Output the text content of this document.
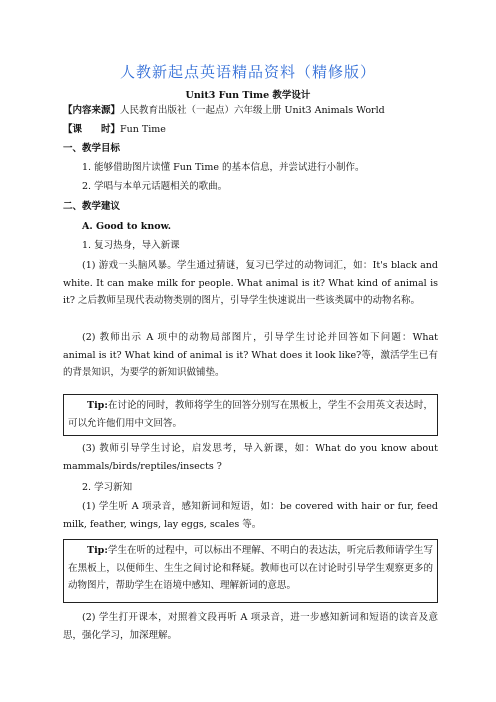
人教新起点英语精品资料（精修版）
Unit3 Fun Time 教学设计
【内容来源】人民教育出版社（一起点）六年级上册 Unit3 Animals World
【课　　时】Fun Time
一、教学目标
1. 能够借助图片读懂 Fun Time 的基本信息，并尝试进行小制作。
2. 学唱与本单元话题相关的歌曲。
二、教学建议
A. Good to know.
1. 复习热身，导入新课
(1) 游戏一头脑风暴。学生通过猜谜，复习已学过的动物词汇，如：It's black and white. It can make milk for people. What animal is it? What kind of animal is it? 之后教师呈现代表动物类别的图片，引导学生快速说出一些该类属中的动物名称。
(2) 教师出示 A 项中的动物局部图片，引导学生讨论并回答如下问题：What animal is it? What kind of animal is it? What does it look like?等，激活学生已有的背景知识，为要学的新知识做铺垫。
Tip:在讨论的同时，教师将学生的回答分别写在黑板上，学生不会用英文表达时，可以允许他们用中文回答。
(3) 教师引导学生讨论，启发思考，导入新课，如：What do you know about mammals/birds/reptiles/insects ?
2. 学习新知
(1) 学生听 A 项录音，感知新词和短语，如：be covered with hair or fur, feed milk, feather, wings, lay eggs, scales 等。
Tip:学生在听的过程中，可以标出不理解、不明白的表达法，听完后教师请学生写在黑板上，以便师生、生生之间讨论和释疑。教师也可以在讨论时引导学生观察更多的动物图片，帮助学生在语境中感知、理解新词的意思。
(2) 学生打开课本，对照着文段再听 A 项录音，进一步感知新词和短语的读音及意思，强化学习，加深理解。
